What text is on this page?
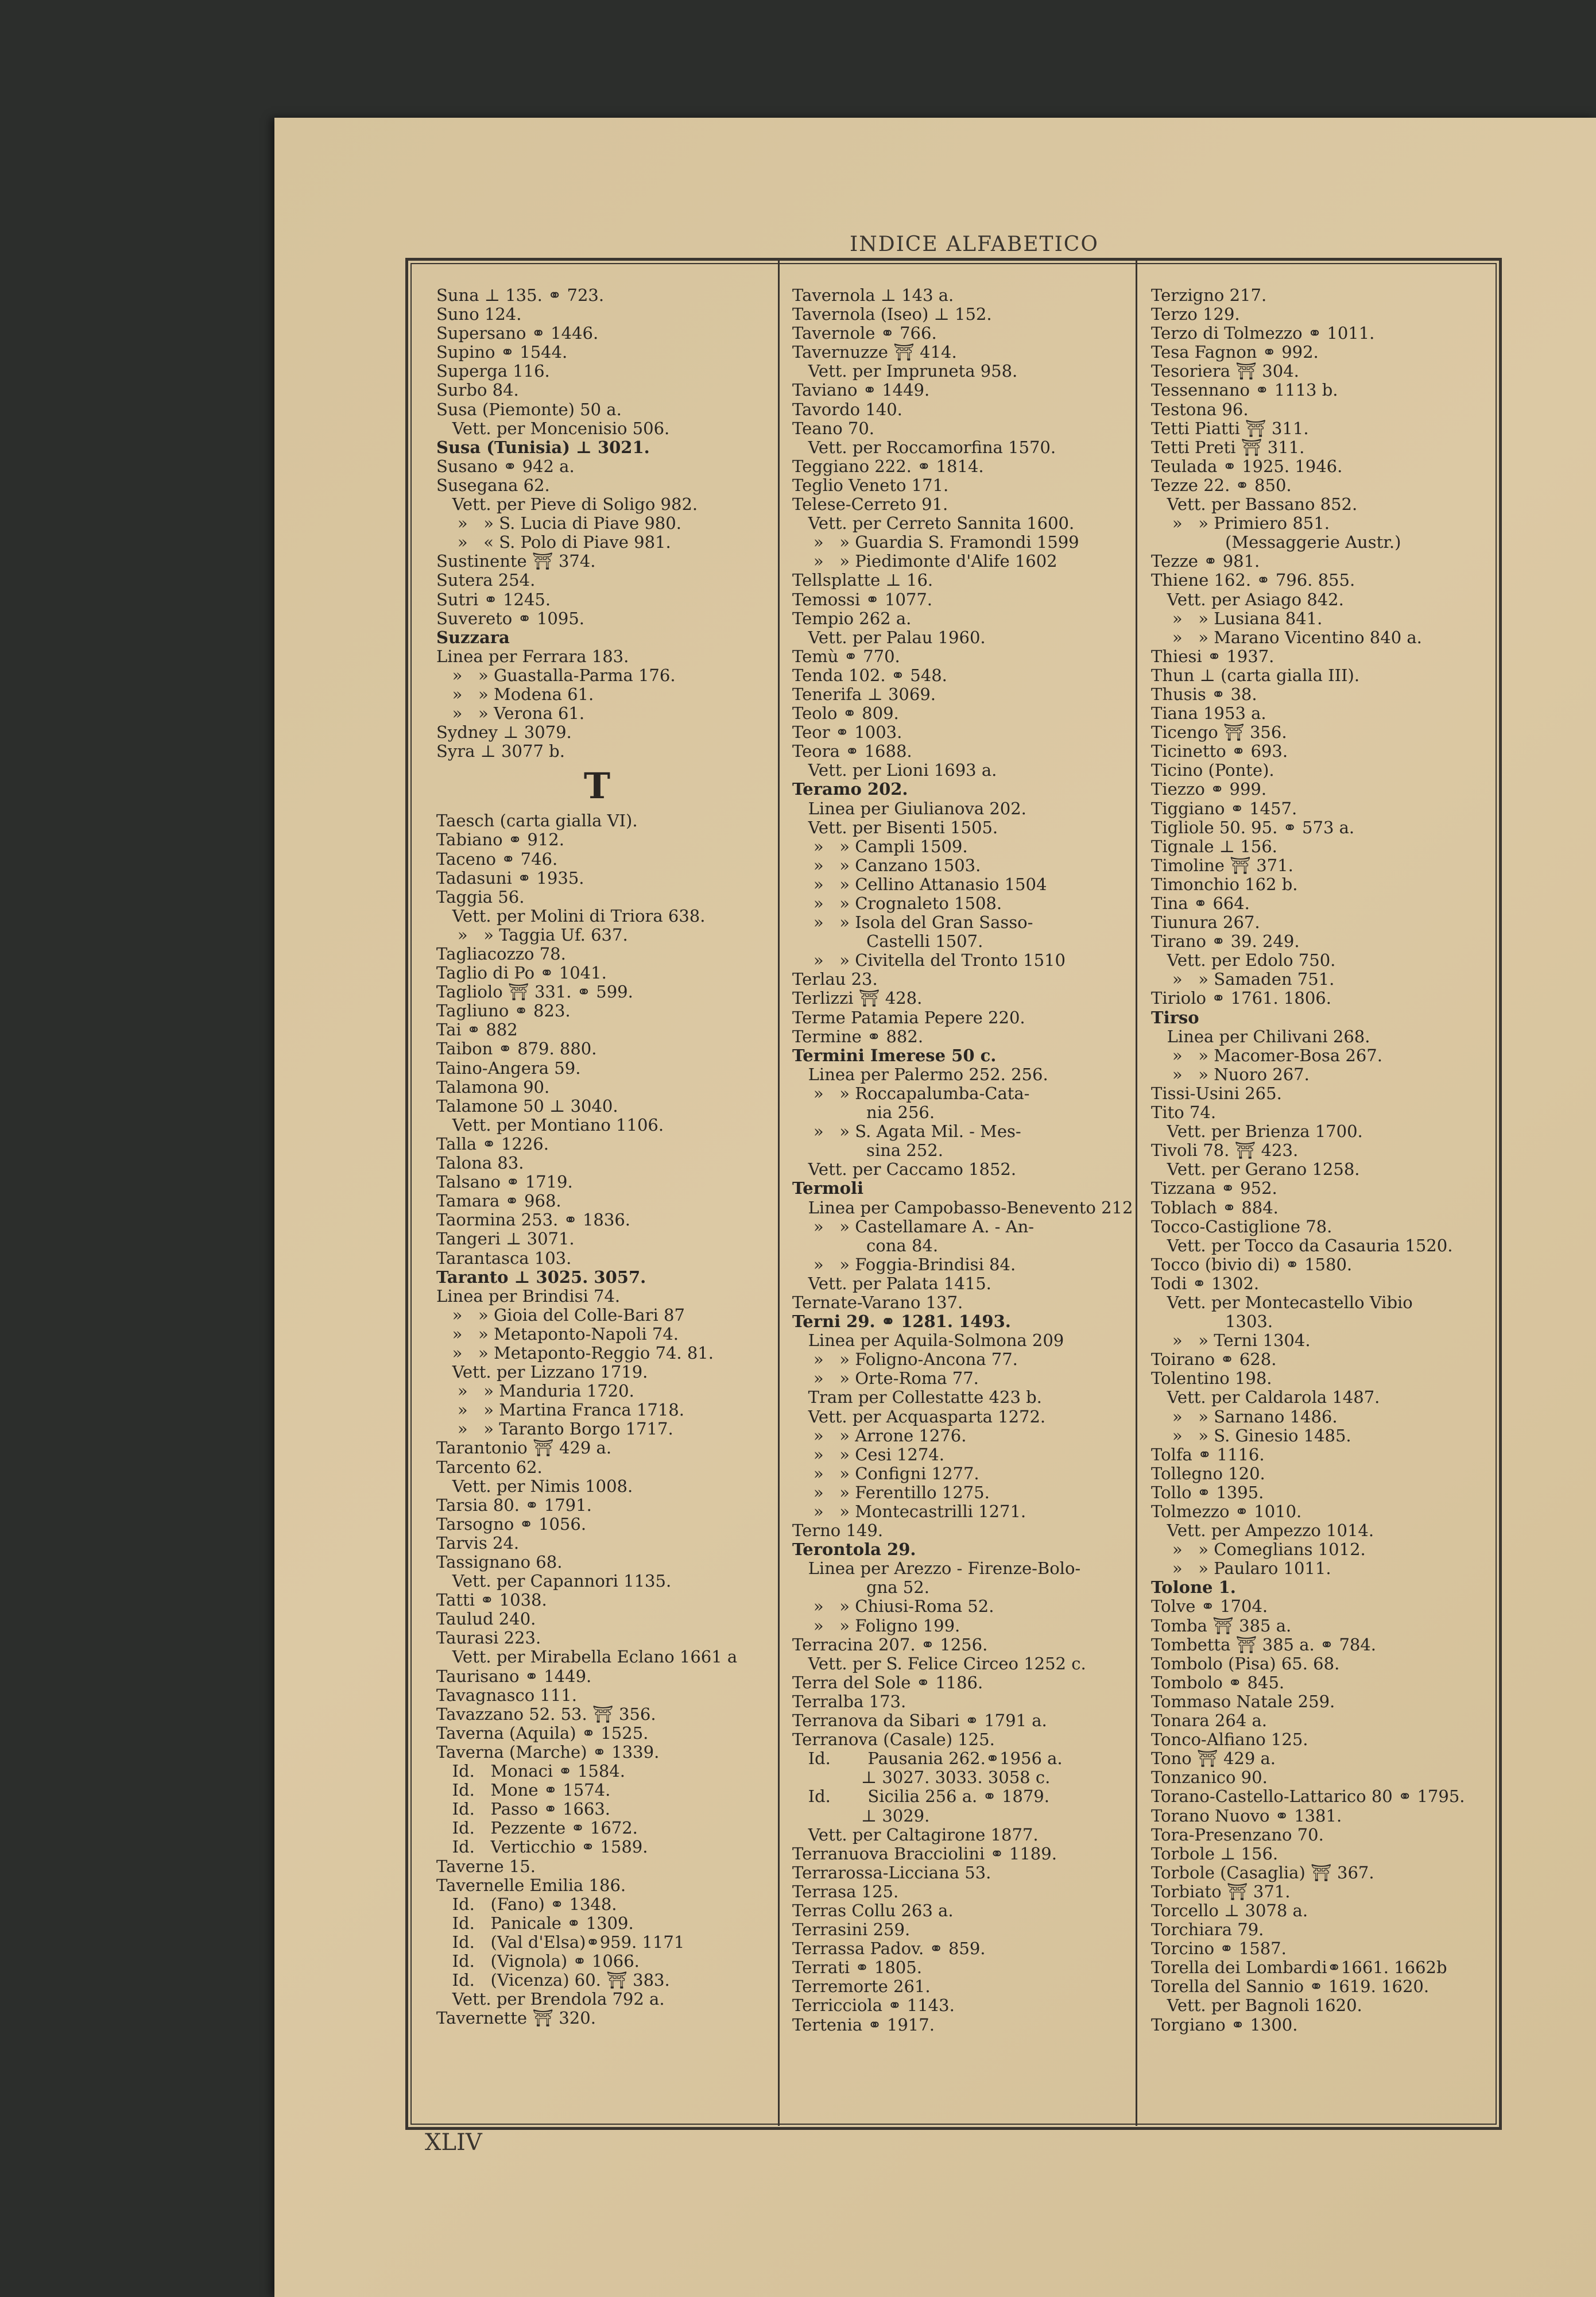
INDICE ALFABETICO
Suna ⊥ 135. ⚭ 723.
Suno 124.
Supersano ⚭ 1446.
Supino ⚭ 1544.
Superga 116.
Surbo 84.
Susa (Piemonte) 50 a.
Vett. per Moncenisio 506.
Susa (Tunisia) ⊥ 3021.
Susano ⚭ 942 a.
Susegana 62.
Vett. per Pieve di Soligo 982.
»   » S. Lucia di Piave 980.
»   « S. Polo di Piave 981.
Sustinente ⛩ 374.
Sutera 254.
Sutri ⚭ 1245.
Suvereto ⚭ 1095.
Suzzara
Linea per Ferrara 183.
»   » Guastalla-Parma 176.
»   » Modena 61.
»   » Verona 61.
Sydney ⊥ 3079.
Syra ⊥ 3077 b.
T
Taesch (carta gialla VI).
Tabiano ⚭ 912.
Taceno ⚭ 746.
Tadasuni ⚭ 1935.
Taggia 56.
Vett. per Molini di Triora 638.
»   » Taggia Uf. 637.
Tagliacozzo 78.
Taglio di Po ⚭ 1041.
Tagliolo ⛩ 331. ⚭ 599.
Tagliuno ⚭ 823.
Tai ⚭ 882
Taibon ⚭ 879. 880.
Taino-Angera 59.
Talamona 90.
Talamone 50 ⊥ 3040.
Vett. per Montiano 1106.
Talla ⚭ 1226.
Talona 83.
Talsano ⚭ 1719.
Tamara ⚭ 968.
Taormina 253. ⚭ 1836.
Tangeri ⊥ 3071.
Tarantasca 103.
Taranto ⊥ 3025. 3057.
Linea per Brindisi 74.
»   » Gioia del Colle-Bari 87
»   » Metaponto-Napoli 74.
»   » Metaponto-Reggio 74. 81.
Vett. per Lizzano 1719.
»   » Manduria 1720.
»   » Martina Franca 1718.
»   » Taranto Borgo 1717.
Tarantonio ⛩ 429 a.
Tarcento 62.
Vett. per Nimis 1008.
Tarsia 80. ⚭ 1791.
Tarsogno ⚭ 1056.
Tarvis 24.
Tassignano 68.
Vett. per Capannori 1135.
Tatti ⚭ 1038.
Taulud 240.
Taurasi 223.
Vett. per Mirabella Eclano 1661 a
Taurisano ⚭ 1449.
Tavagnasco 111.
Tavazzano 52. 53. ⛩ 356.
Taverna (Aquila) ⚭ 1525.
Taverna (Marche) ⚭ 1339.
Id.   Monaci ⚭ 1584.
Id.   Mone ⚭ 1574.
Id.   Passo ⚭ 1663.
Id.   Pezzente ⚭ 1672.
Id.   Verticchio ⚭ 1589.
Taverne 15.
Tavernelle Emilia 186.
Id.   (Fano) ⚭ 1348.
Id.   Panicale ⚭ 1309.
Id.   (Val d'Elsa)⚭959. 1171
Id.   (Vignola) ⚭ 1066.
Id.   (Vicenza) 60. ⛩ 383.
Vett. per Brendola 792 a.
Tavernette ⛩ 320.
Tavernola ⊥ 143 a.
Tavernola (Iseo) ⊥ 152.
Tavernole ⚭ 766.
Tavernuzze ⛩ 414.
Vett. per Impruneta 958.
Taviano ⚭ 1449.
Tavordo 140.
Teano 70.
Vett. per Roccamorfina 1570.
Teggiano 222. ⚭ 1814.
Teglio Veneto 171.
Telese-Cerreto 91.
Vett. per Cerreto Sannita 1600.
»   » Guardia S. Framondi 1599
»   » Piedimonte d'Alife 1602
Tellsplatte ⊥ 16.
Temossi ⚭ 1077.
Tempio 262 a.
Vett. per Palau 1960.
Temù ⚭ 770.
Tenda 102. ⚭ 548.
Tenerifa ⊥ 3069.
Teolo ⚭ 809.
Teor ⚭ 1003.
Teora ⚭ 1688.
Vett. per Lioni 1693 a.
Teramo 202.
Linea per Giulianova 202.
Vett. per Bisenti 1505.
»   » Campli 1509.
»   » Canzano 1503.
»   » Cellino Attanasio 1504
»   » Crognaleto 1508.
»   » Isola del Gran Sasso-
Castelli 1507.
»   » Civitella del Tronto 1510
Terlau 23.
Terlizzi ⛩ 428.
Terme Patamia Pepere 220.
Termine ⚭ 882.
Termini Imerese 50 c.
Linea per Palermo 252. 256.
»   » Roccapalumba-Cata-
nia 256.
»   » S. Agata Mil. - Mes-
sina 252.
Vett. per Caccamo 1852.
Termoli
Linea per Campobasso-Benevento 212
»   » Castellamare A. - An-
cona 84.
»   » Foggia-Brindisi 84.
Vett. per Palata 1415.
Ternate-Varano 137.
Terni 29. ⚭ 1281. 1493.
Linea per Aquila-Solmona 209
»   » Foligno-Ancona 77.
»   » Orte-Roma 77.
Tram per Collestatte 423 b.
Vett. per Acquasparta 1272.
»   » Arrone 1276.
»   » Cesi 1274.
»   » Configni 1277.
»   » Ferentillo 1275.
»   » Montecastrilli 1271.
Terno 149.
Terontola 29.
Linea per Arezzo - Firenze-Bolo-
gna 52.
»   » Chiusi-Roma 52.
»   » Foligno 199.
Terracina 207. ⚭ 1256.
Vett. per S. Felice Circeo 1252 c.
Terra del Sole ⚭ 1186.
Terralba 173.
Terranova da Sibari ⚭ 1791 a.
Terranova (Casale) 125.
Id.       Pausania 262.⚭1956 a.
⊥ 3027. 3033. 3058 c.
Id.       Sicilia 256 a. ⚭ 1879.
⊥ 3029.
Vett. per Caltagirone 1877.
Terranuova Bracciolini ⚭ 1189.
Terrarossa-Licciana 53.
Terrasa 125.
Terras Collu 263 a.
Terrasini 259.
Terrassa Padov. ⚭ 859.
Terrati ⚭ 1805.
Terremorte 261.
Terricciola ⚭ 1143.
Tertenia ⚭ 1917.
Terzigno 217.
Terzo 129.
Terzo di Tolmezzo ⚭ 1011.
Tesa Fagnon ⚭ 992.
Tesoriera ⛩ 304.
Tessennano ⚭ 1113 b.
Testona 96.
Tetti Piatti ⛩ 311.
Tetti Preti ⛩ 311.
Teulada ⚭ 1925. 1946.
Tezze 22. ⚭ 850.
Vett. per Bassano 852.
»   » Primiero 851.
(Messaggerie Austr.)
Tezze ⚭ 981.
Thiene 162. ⚭ 796. 855.
Vett. per Asiago 842.
»   » Lusiana 841.
»   » Marano Vicentino 840 a.
Thiesi ⚭ 1937.
Thun ⊥ (carta gialla III).
Thusis ⚭ 38.
Tiana 1953 a.
Ticengo ⛩ 356.
Ticinetto ⚭ 693.
Ticino (Ponte).
Tiezzo ⚭ 999.
Tiggiano ⚭ 1457.
Tigliole 50. 95. ⚭ 573 a.
Tignale ⊥ 156.
Timoline ⛩ 371.
Timonchio 162 b.
Tina ⚭ 664.
Tiunura 267.
Tirano ⚭ 39. 249.
Vett. per Edolo 750.
»   » Samaden 751.
Tiriolo ⚭ 1761. 1806.
Tirso
Linea per Chilivani 268.
»   » Macomer-Bosa 267.
»   » Nuoro 267.
Tissi-Usini 265.
Tito 74.
Vett. per Brienza 1700.
Tivoli 78. ⛩ 423.
Vett. per Gerano 1258.
Tizzana ⚭ 952.
Toblach ⚭ 884.
Tocco-Castiglione 78.
Vett. per Tocco da Casauria 1520.
Tocco (bivio di) ⚭ 1580.
Todi ⚭ 1302.
Vett. per Montecastello Vibio
1303.
»   » Terni 1304.
Toirano ⚭ 628.
Tolentino 198.
Vett. per Caldarola 1487.
»   » Sarnano 1486.
»   » S. Ginesio 1485.
Tolfa ⚭ 1116.
Tollegno 120.
Tollo ⚭ 1395.
Tolmezzo ⚭ 1010.
Vett. per Ampezzo 1014.
»   » Comeglians 1012.
»   » Paularo 1011.
Tolone 1.
Tolve ⚭ 1704.
Tomba ⛩ 385 a.
Tombetta ⛩ 385 a. ⚭ 784.
Tombolo (Pisa) 65. 68.
Tombolo ⚭ 845.
Tommaso Natale 259.
Tonara 264 a.
Tonco-Alfiano 125.
Tono ⛩ 429 a.
Tonzanico 90.
Torano-Castello-Lattarico 80 ⚭ 1795.
Torano Nuovo ⚭ 1381.
Tora-Presenzano 70.
Torbole ⊥ 156.
Torbole (Casaglia) ⛩ 367.
Torbiato ⛩ 371.
Torcello ⊥ 3078 a.
Torchiara 79.
Torcino ⚭ 1587.
Torella dei Lombardi⚭1661. 1662b
Torella del Sannio ⚭ 1619. 1620.
Vett. per Bagnoli 1620.
Torgiano ⚭ 1300.
XLIV
